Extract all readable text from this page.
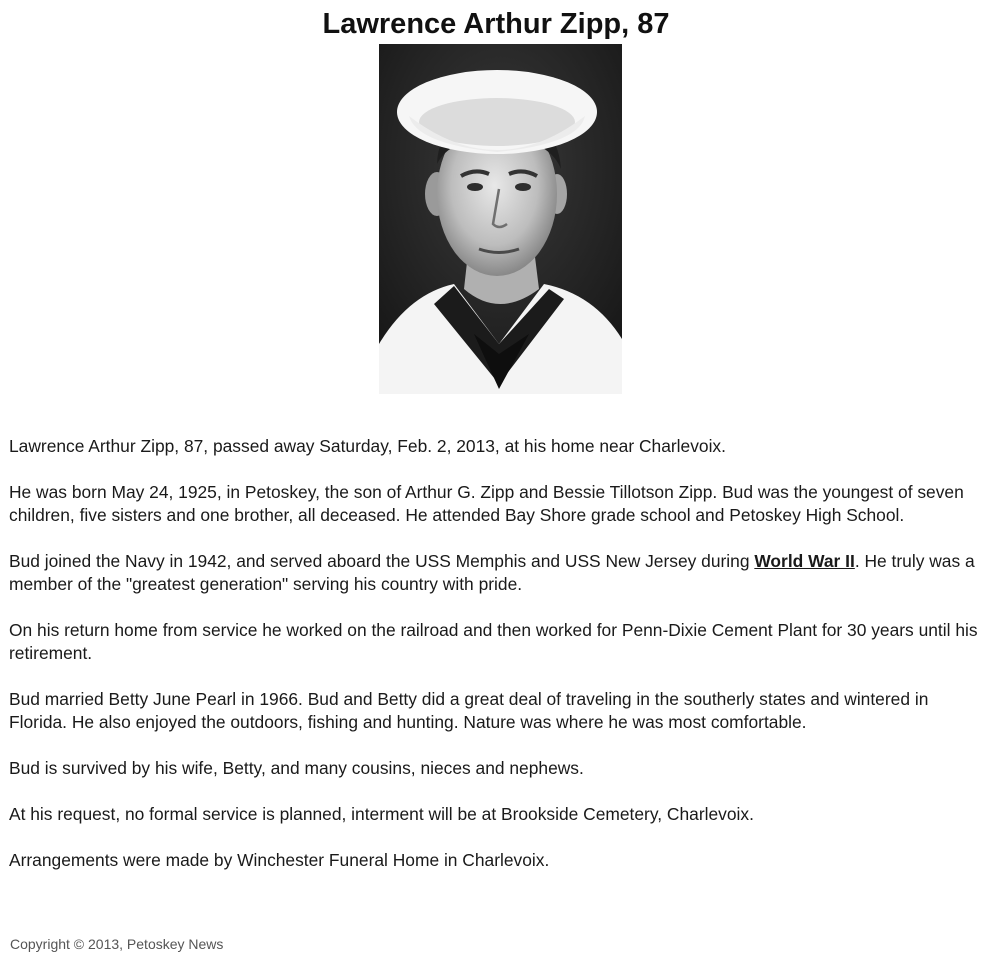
Lawrence Arthur Zipp, 87

Lawrence Arthur Zipp, 87, passed away Saturday, Feb. 2, 2013, at his home near Charlevoix.

He was born May 24, 1925, in Petoskey, the son of Arthur G. Zipp and Bessie Tillotson Zipp. Bud was the youngest of seven children, five sisters and one brother, all deceased. He attended Bay Shore grade school and Petoskey High School.

Bud joined the Navy in 1942, and served aboard the USS Memphis and USS New Jersey during World War II. He truly was a member of the "greatest generation" serving his country with pride.

On his return home from service he worked on the railroad and then worked for Penn-Dixie Cement Plant for 30 years until his retirement.

Bud married Betty June Pearl in 1966. Bud and Betty did a great deal of traveling in the southerly states and wintered in Florida. He also enjoyed the outdoors, fishing and hunting. Nature was where he was most comfortable.

Bud is survived by his wife, Betty, and many cousins, nieces and nephews.

At his request, no formal service is planned, interment will be at Brookside Cemetery, Charlevoix.

Arrangements were made by Winchester Funeral Home in Charlevoix.

Copyright © 2013, Petoskey News
